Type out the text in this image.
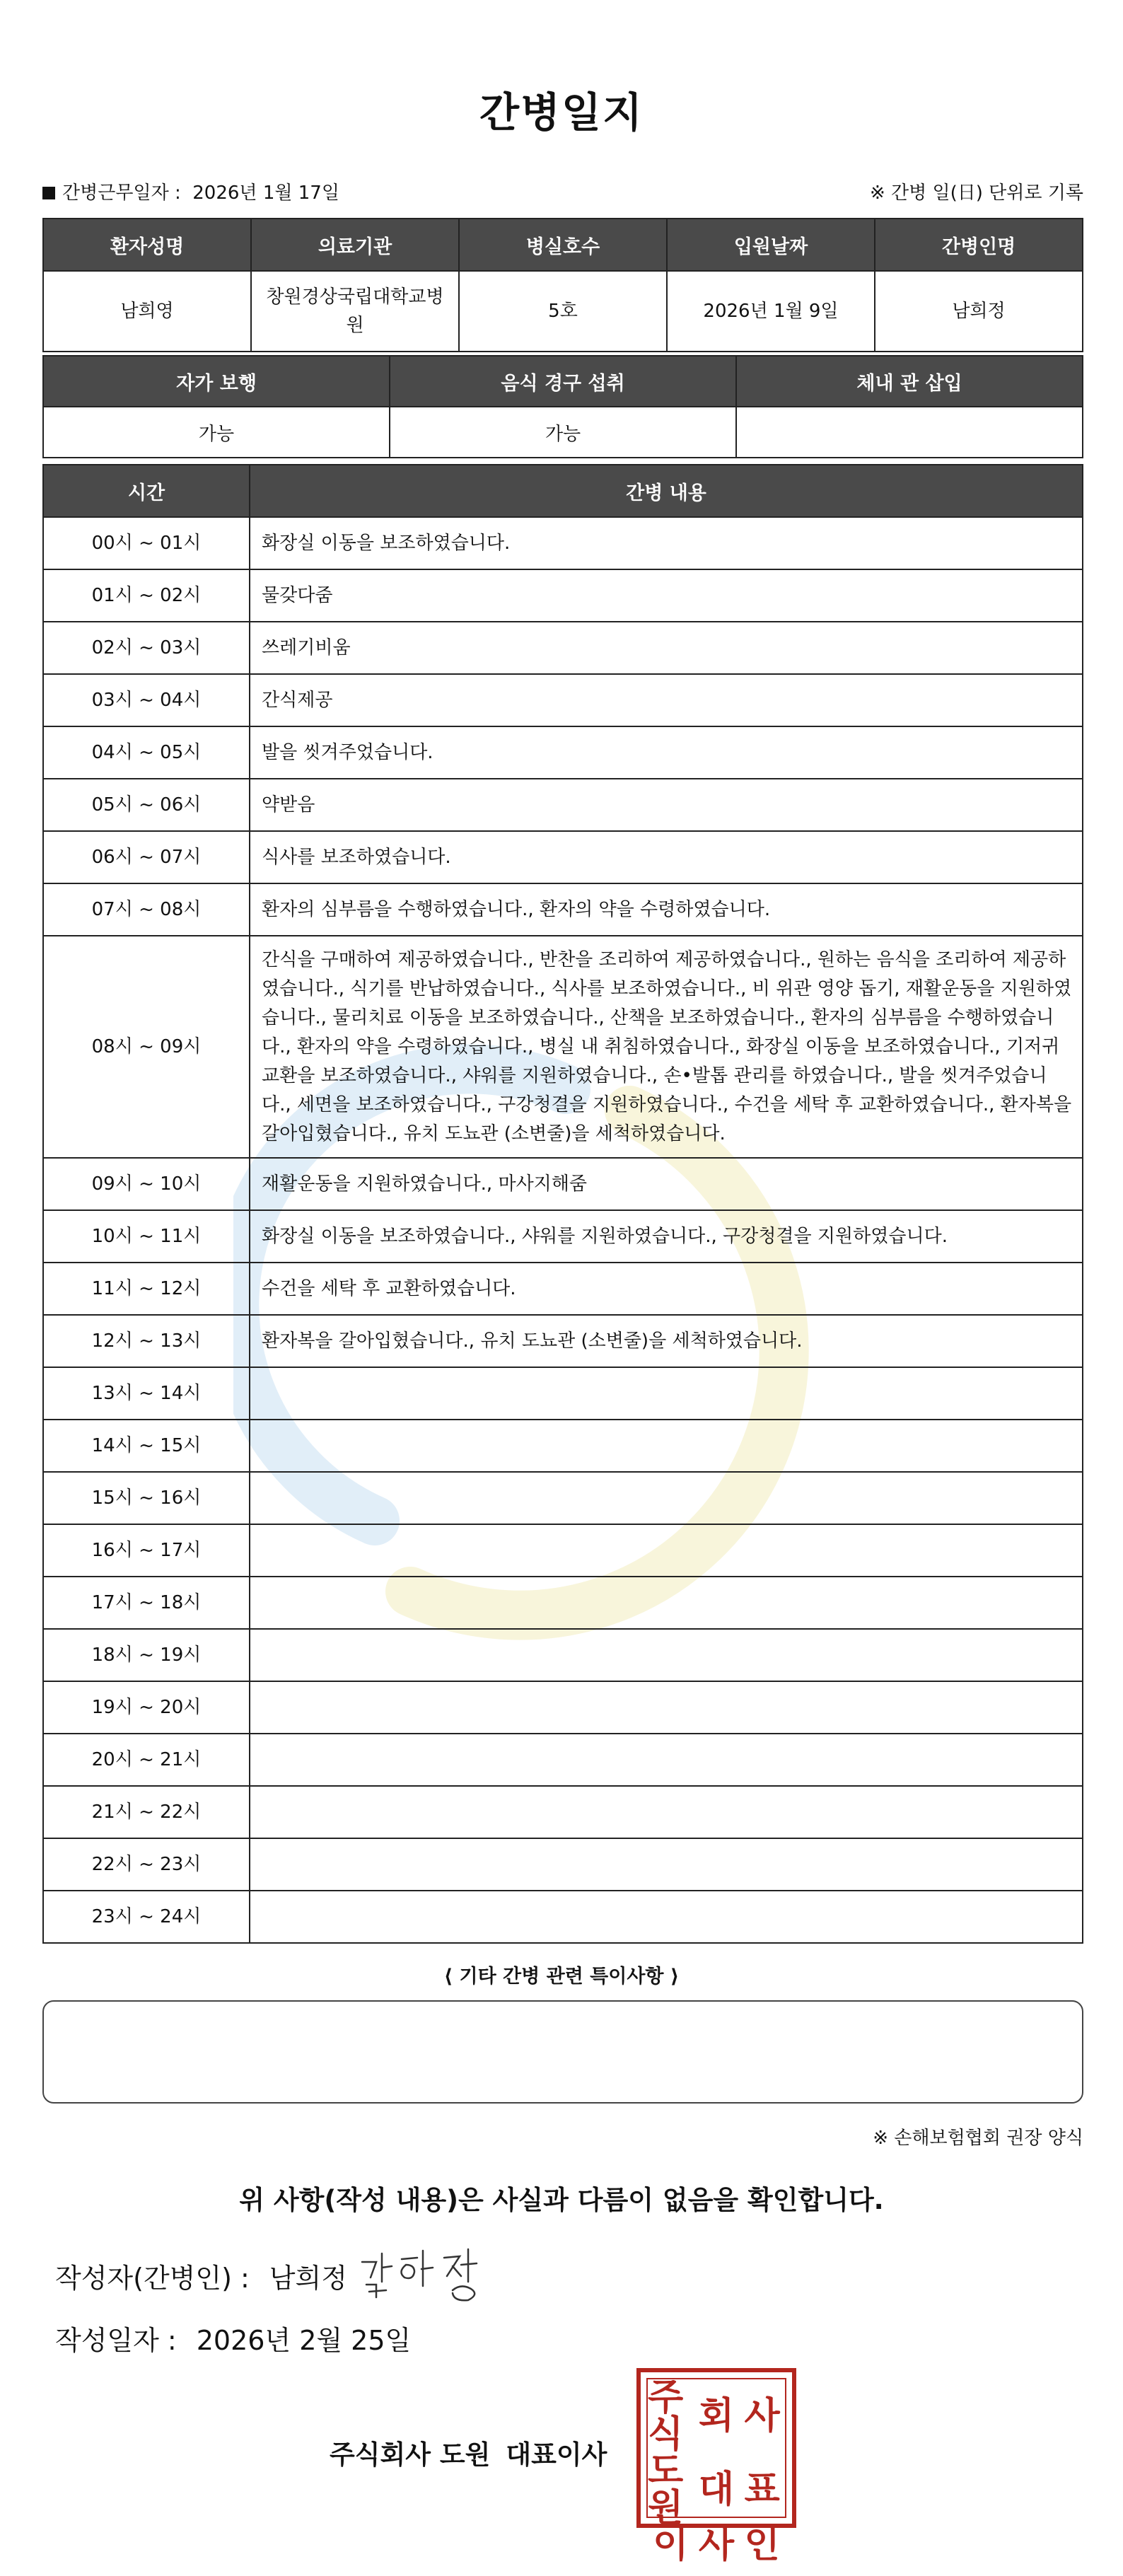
간병일지
간병근무일자 : 2026년 1월 17일	※ 간병 일(日) 단위로 기록
환자성명	의료기관	병실호수	입원날짜	간병인명
남희영	창원경상국립대학교병원	5호	2026년 1월 9일	남희정
자가 보행	음식 경구 섭취	체내 관 삽입
가능	가능	
시간	간병 내용
00시 ~ 01시	화장실 이동을 보조하였습니다.
01시 ~ 02시	물갖다줌
02시 ~ 03시	쓰레기비움
03시 ~ 04시	간식제공
04시 ~ 05시	발을 씻겨주었습니다.
05시 ~ 06시	약받음
06시 ~ 07시	식사를 보조하였습니다.
07시 ~ 08시	환자의 심부름을 수행하였습니다., 환자의 약을 수령하였습니다.
08시 ~ 09시	간식을 구매하여 제공하였습니다., 반찬을 조리하여 제공하였습니다., 원하는 음식을 조리하여 제공하였습니다., 식기를 반납하였습니다., 식사를 보조하였습니다., 비 위관 영양 돕기, 재활운동을 지원하였습니다., 물리치료 이동을 보조하였습니다., 산책을 보조하였습니다., 환자의 심부름을 수행하였습니다., 환자의 약을 수령하였습니다., 병실 내 취침하였습니다., 화장실 이동을 보조하였습니다., 기저귀 교환을 보조하였습니다., 샤워를 지원하였습니다., 손•발톱 관리를 하였습니다., 발을 씻겨주었습니다., 세면을 보조하였습니다., 구강청결을 지원하였습니다., 수건을 세탁 후 교환하였습니다., 환자복을 갈아입혔습니다., 유치 도뇨관 (소변줄)을 세척하였습니다.
09시 ~ 10시	재활운동을 지원하였습니다., 마사지해줌
10시 ~ 11시	화장실 이동을 보조하였습니다., 샤워를 지원하였습니다., 구강청결을 지원하였습니다.
11시 ~ 12시	수건을 세탁 후 교환하였습니다.
12시 ~ 13시	환자복을 갈아입혔습니다., 유치 도뇨관 (소변줄)을 세척하였습니다.
13시 ~ 14시	
14시 ~ 15시	
15시 ~ 16시	
16시 ~ 17시	
17시 ~ 18시	
18시 ~ 19시	
19시 ~ 20시	
20시 ~ 21시	
21시 ~ 22시	
22시 ~ 23시	
23시 ~ 24시	
⟨ 기타 간병 관련 특이사항 ⟩
※ 손해보험협회 권장 양식
위 사항(작성 내용)은 사실과 다름이 없음을 확인합니다.
작성자(간병인) : 남희정
작성일자 : 2026년 2월 25일
주식회사 도원 대표이사
주식 회 사
도원 대 표
이 사 인
